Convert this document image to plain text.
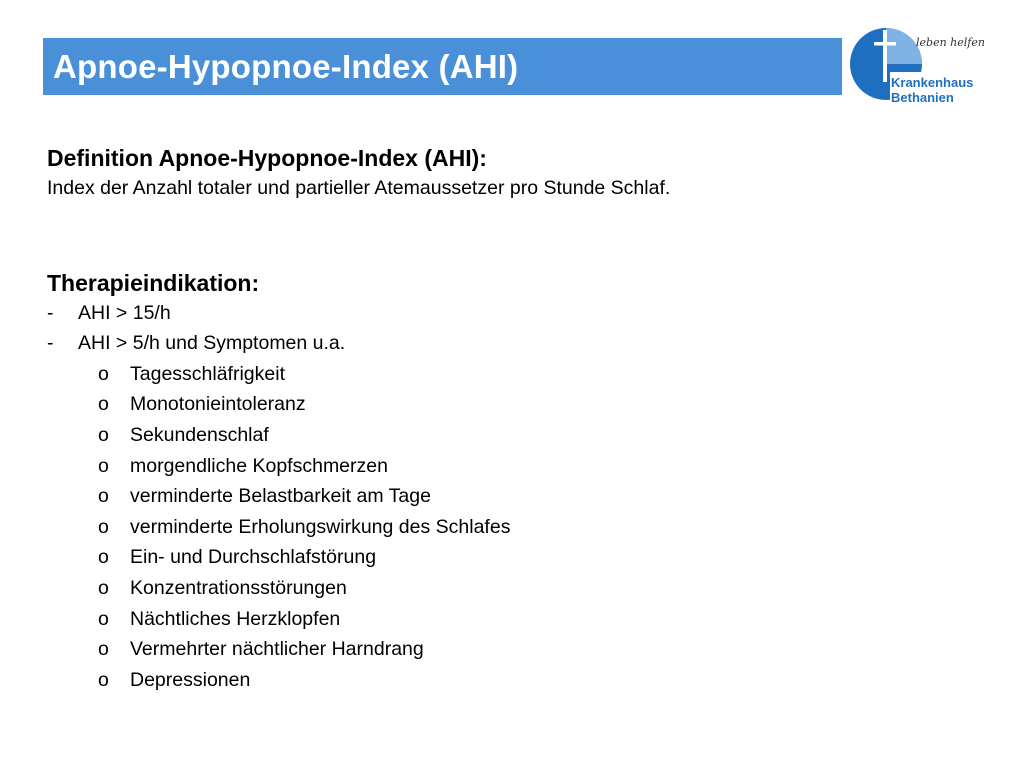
Apnoe-Hypopnoe-Index (AHI)
leben helfen
Krankenhaus
Bethanien

Definition Apnoe-Hypopnoe-Index (AHI):

Index der Anzahl totaler und partieller Atemaussetzer pro Stunde Schlaf.

Therapieindikation:

- AHI > 15/h
- AHI > 5/h und Symptomen u.a.
o Tagesschläfrigkeit
o Monotonieintoleranz
o Sekundenschlaf
o morgendliche Kopfschmerzen
o verminderte Belastbarkeit am Tage
o verminderte Erholungswirkung des Schlafes
o Ein- und Durchschlafstörung
o Konzentrationsstörungen
o Nächtliches Herzklopfen
o Vermehrter nächtlicher Harndrang
o Depressionen
